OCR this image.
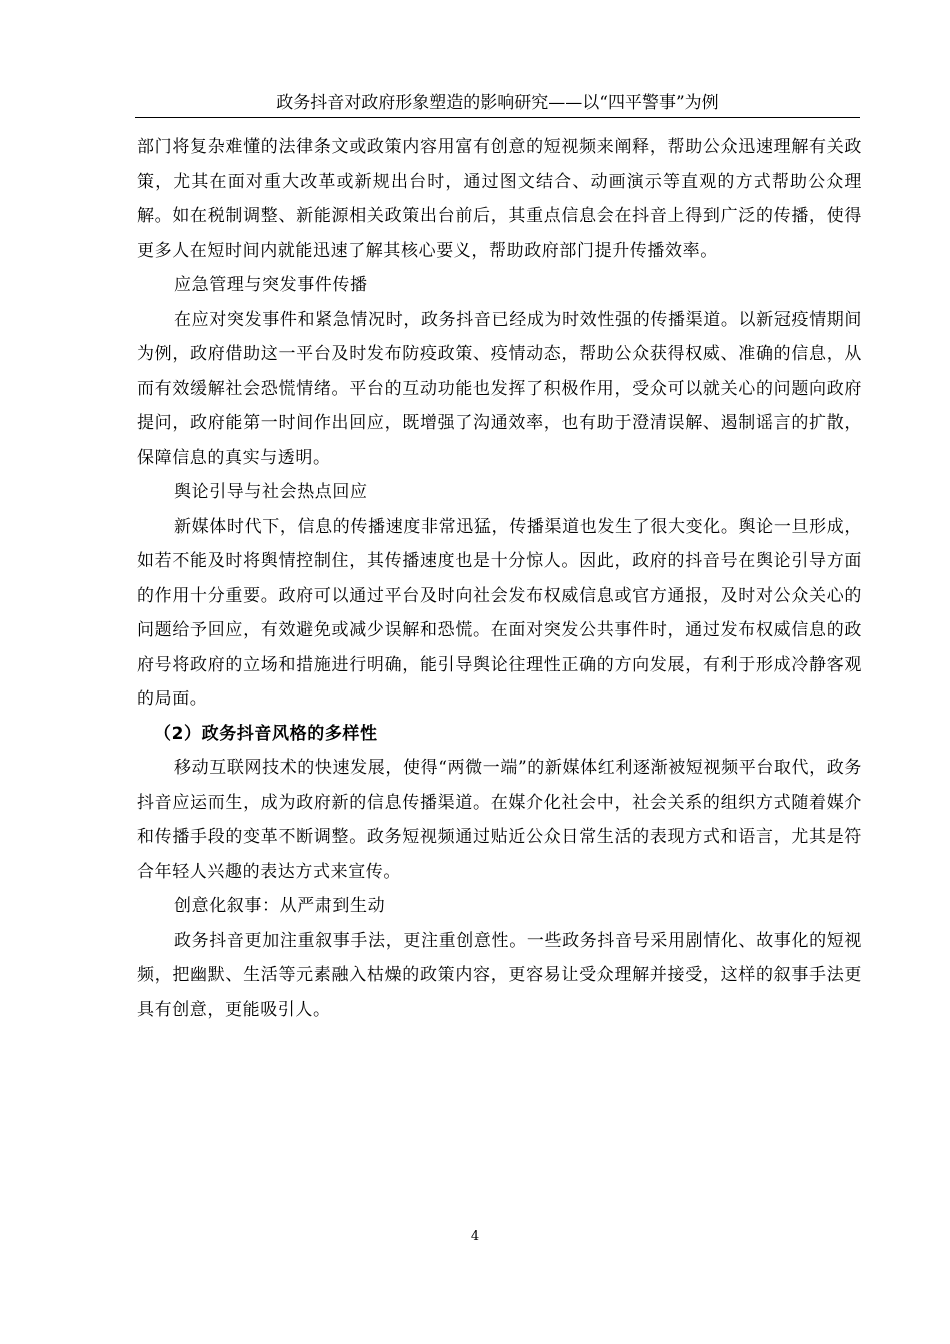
政务抖音对政府形象塑造的影响研究——以“四平警事”为例

部门将复杂难懂的法律条文或政策内容用富有创意的短视频来阐释，帮助公众迅速理解有关政策，尤其在面对重大改革或新规出台时，通过图文结合、动画演示等直观的方式帮助公众理解。如在税制调整、新能源相关政策出台前后，其重点信息会在抖音上得到广泛的传播，使得更多人在短时间内就能迅速了解其核心要义，帮助政府部门提升传播效率。

应急管理与突发事件传播

在应对突发事件和紧急情况时，政务抖音已经成为时效性强的传播渠道。以新冠疫情期间为例，政府借助这一平台及时发布防疫政策、疫情动态，帮助公众获得权威、准确的信息，从而有效缓解社会恐慌情绪。平台的互动功能也发挥了积极作用，受众可以就关心的问题向政府提问，政府能第一时间作出回应，既增强了沟通效率，也有助于澄清误解、遏制谣言的扩散，保障信息的真实与透明。

舆论引导与社会热点回应

新媒体时代下，信息的传播速度非常迅猛，传播渠道也发生了很大变化。舆论一旦形成，如若不能及时将舆情控制住，其传播速度也是十分惊人。因此，政府的抖音号在舆论引导方面的作用十分重要。政府可以通过平台及时向社会发布权威信息或官方通报，及时对公众关心的问题给予回应，有效避免或减少误解和恐慌。在面对突发公共事件时，通过发布权威信息的政府号将政府的立场和措施进行明确，能引导舆论往理性正确的方向发展，有利于形成冷静客观的局面。

（2）政务抖音风格的多样性

移动互联网技术的快速发展，使得“两微一端”的新媒体红利逐渐被短视频平台取代，政务抖音应运而生，成为政府新的信息传播渠道。在媒介化社会中，社会关系的组织方式随着媒介和传播手段的变革不断调整。政务短视频通过贴近公众日常生活的表现方式和语言，尤其是符合年轻人兴趣的表达方式来宣传。

创意化叙事：从严肃到生动

政务抖音更加注重叙事手法，更注重创意性。一些政务抖音号采用剧情化、故事化的短视频，把幽默、生活等元素融入枯燥的政策内容，更容易让受众理解并接受，这样的叙事手法更具有创意，更能吸引人。

4
